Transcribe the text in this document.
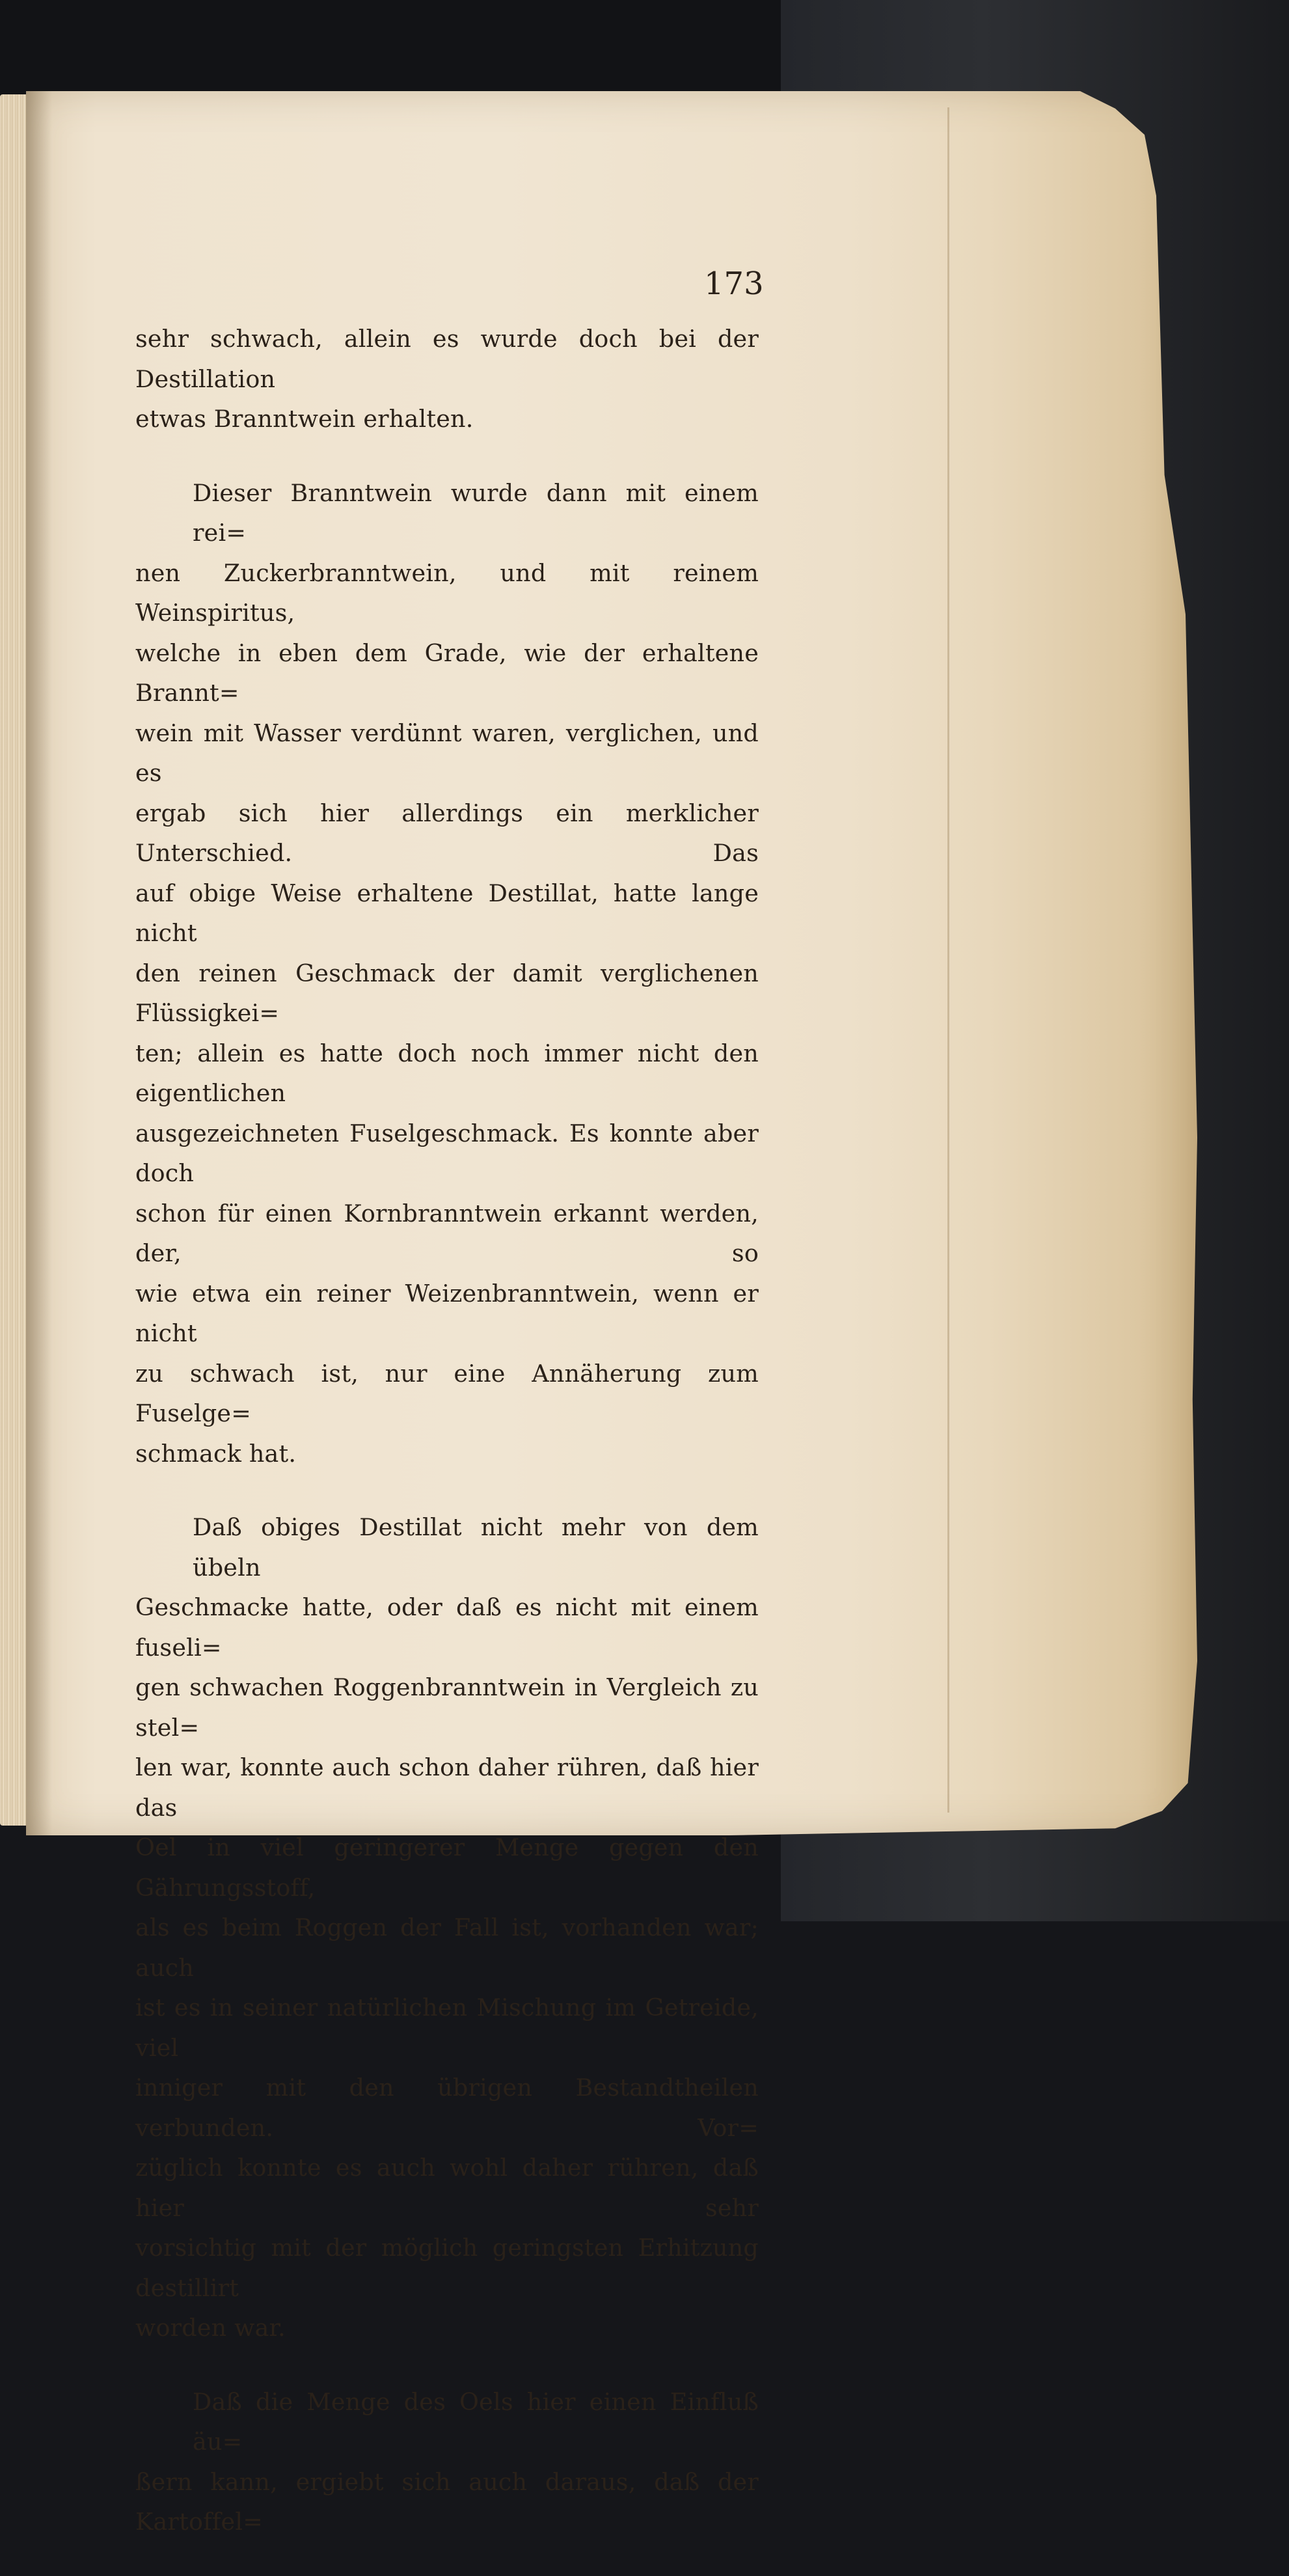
173

sehr schwach, allein es wurde doch bei der Destillation
etwas Branntwein erhalten.

Dieser Branntwein wurde dann mit einem rei=
nen Zuckerbranntwein, und mit reinem Weinspiritus,
welche in eben dem Grade, wie der erhaltene Brannt=
wein mit Wasser verdünnt waren, verglichen, und es
ergab sich hier allerdings ein merklicher Unterschied. Das
auf obige Weise erhaltene Destillat, hatte lange nicht
den reinen Geschmack der damit verglichenen Flüssigkei=
ten; allein es hatte doch noch immer nicht den eigentlichen
ausgezeichneten Fuselgeschmack. Es konnte aber doch
schon für einen Kornbranntwein erkannt werden, der, so
wie etwa ein reiner Weizenbranntwein, wenn er nicht
zu schwach ist, nur eine Annäherung zum Fuselge=
schmack hat.

Daß obiges Destillat nicht mehr von dem übeln
Geschmacke hatte, oder daß es nicht mit einem fuseli=
gen schwachen Roggenbranntwein in Vergleich zu stel=
len war, konnte auch schon daher rühren, daß hier das
Oel in viel geringerer Menge gegen den Gährungsstoff,
als es beim Roggen der Fall ist, vorhanden war; auch
ist es in seiner natürlichen Mischung im Getreide, viel
inniger mit den übrigen Bestandtheilen verbunden. Vor=
züglich konnte es auch wohl daher rühren, daß hier sehr
vorsichtig mit der möglich geringsten Erhitzung destillirt
worden war.

Daß die Menge des Oels hier einen Einfluß äu=
ßern kann, ergiebt sich auch daraus, daß der Kartoffel=
